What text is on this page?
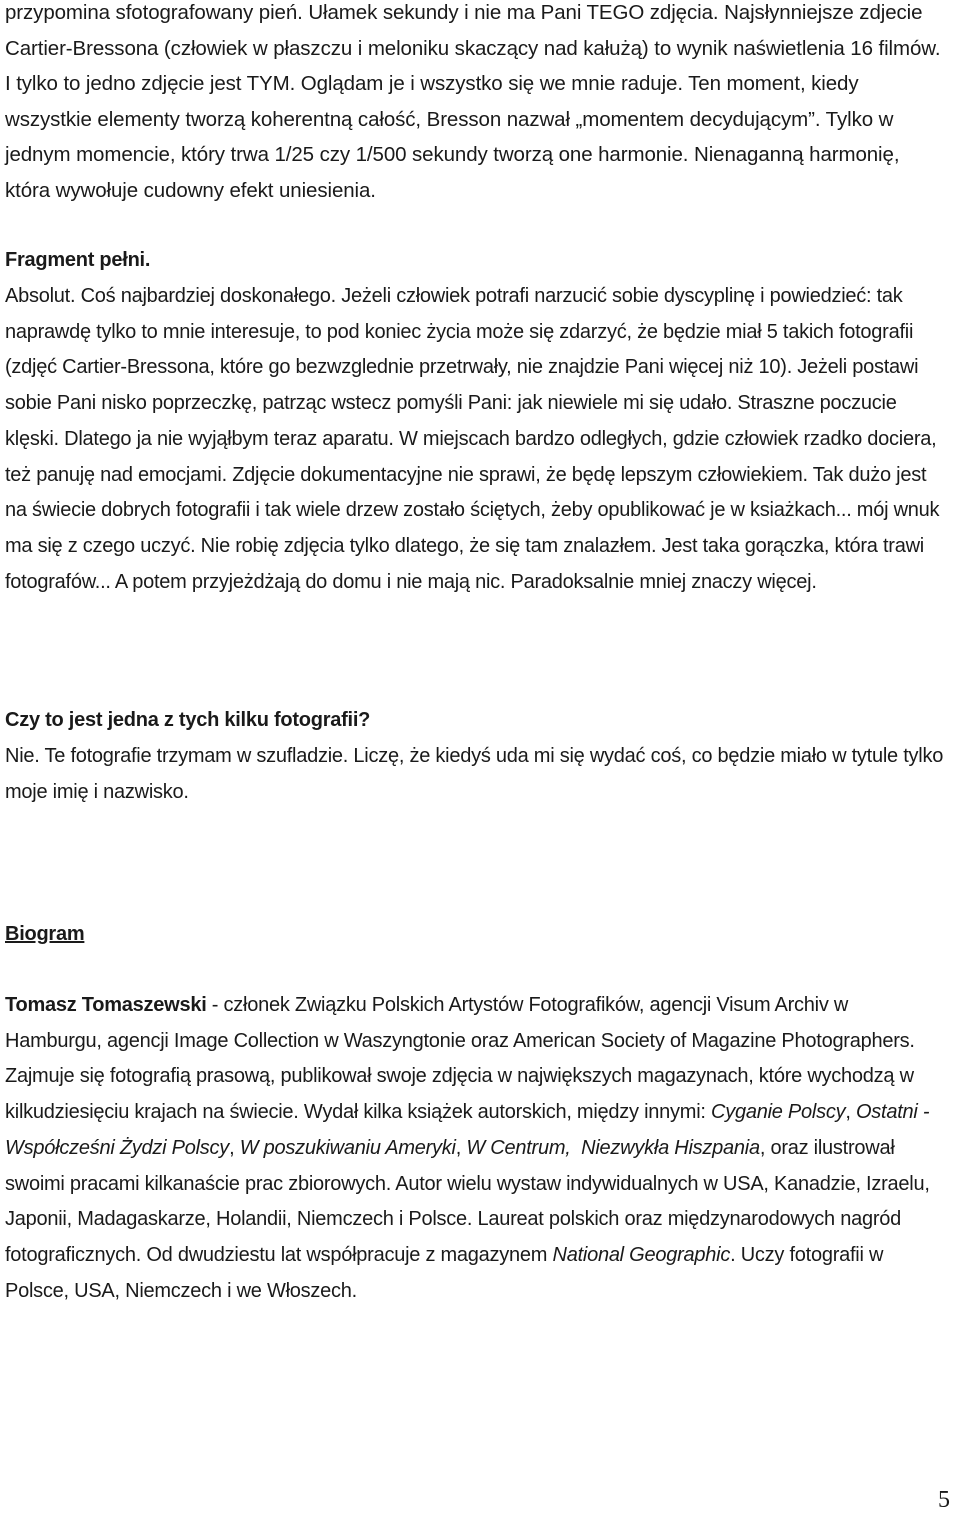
przypomina sfotografowany pień. Ułamek sekundy i nie ma Pani TEGO zdjęcia. Najsłynniejsze zdjecie Cartier-Bressona (człowiek w płaszczu i meloniku skaczący nad kałużą) to wynik naświetlenia 16 filmów. I tylko to jedno zdjęcie jest TYM. Oglądam je i wszystko się we mnie raduje. Ten moment, kiedy wszystkie elementy tworzą koherentną całość, Bresson nazwał „momentem decydującym”. Tylko w jednym momencie, który trwa 1/25 czy 1/500 sekundy tworzą one harmonie. Nienaganną harmonię, która wywołuje cudowny efekt uniesienia.

Fragment pełni.

Absolut. Coś najbardziej doskonałego. Jeżeli człowiek potrafi narzucić sobie dyscyplinę i powiedzieć: tak naprawdę tylko to mnie interesuje, to pod koniec życia może się zdarzyć, że będzie miał 5 takich fotografii (zdjęć Cartier-Bressona, które go bezwzglednie przetrwały, nie znajdzie Pani więcej niż 10). Jeżeli postawi sobie Pani nisko poprzeczkę, patrząc wstecz pomyśli Pani: jak niewiele mi się udało. Straszne poczucie klęski. Dlatego ja nie wyjąłbym teraz aparatu. W miejscach bardzo odległych, gdzie człowiek rzadko dociera, też panuję nad emocjami. Zdjęcie dokumentacyjne nie sprawi, że będę lepszym człowiekiem. Tak dużo jest na świecie dobrych fotografii i tak wiele drzew zostało ściętych, żeby opublikować je w ksiażkach... mój wnuk ma się z czego uczyć. Nie robię zdjęcia tylko dlatego, że się tam znalazłem. Jest taka gorączka, która trawi fotografów... A potem przyjeżdżają do domu i nie mają nic. Paradoksalnie mniej znaczy więcej.

Czy to jest jedna z tych kilku fotografii?

Nie. Te fotografie trzymam w szufladzie. Liczę, że kiedyś uda mi się wydać coś, co będzie miało w tytule tylko moje imię i nazwisko.

Biogram

Tomasz Tomaszewski - członek Związku Polskich Artystów Fotografików, agencji Visum Archiv w Hamburgu, agencji Image Collection w Waszyngtonie oraz American Society of Magazine Photographers. Zajmuje się fotografią prasową, publikował swoje zdjęcia w największych magazynach, które wychodzą w kilkudziesięciu krajach na świecie. Wydał kilka książek autorskich, między innymi: Cyganie Polscy, Ostatni - Współcześni Żydzi Polscy, W poszukiwaniu Ameryki, W Centrum, Niezwykła Hiszpania, oraz ilustrował swoimi pracami kilkanaście prac zbiorowych. Autor wielu wystaw indywidualnych w USA, Kanadzie, Izraelu, Japonii, Madagaskarze, Holandii, Niemczech i Polsce. Laureat polskich oraz międzynarodowych nagród fotograficznych. Od dwudziestu lat współpracuje z magazynem National Geographic. Uczy fotografii w Polsce, USA, Niemczech i we Włoszech.

5
